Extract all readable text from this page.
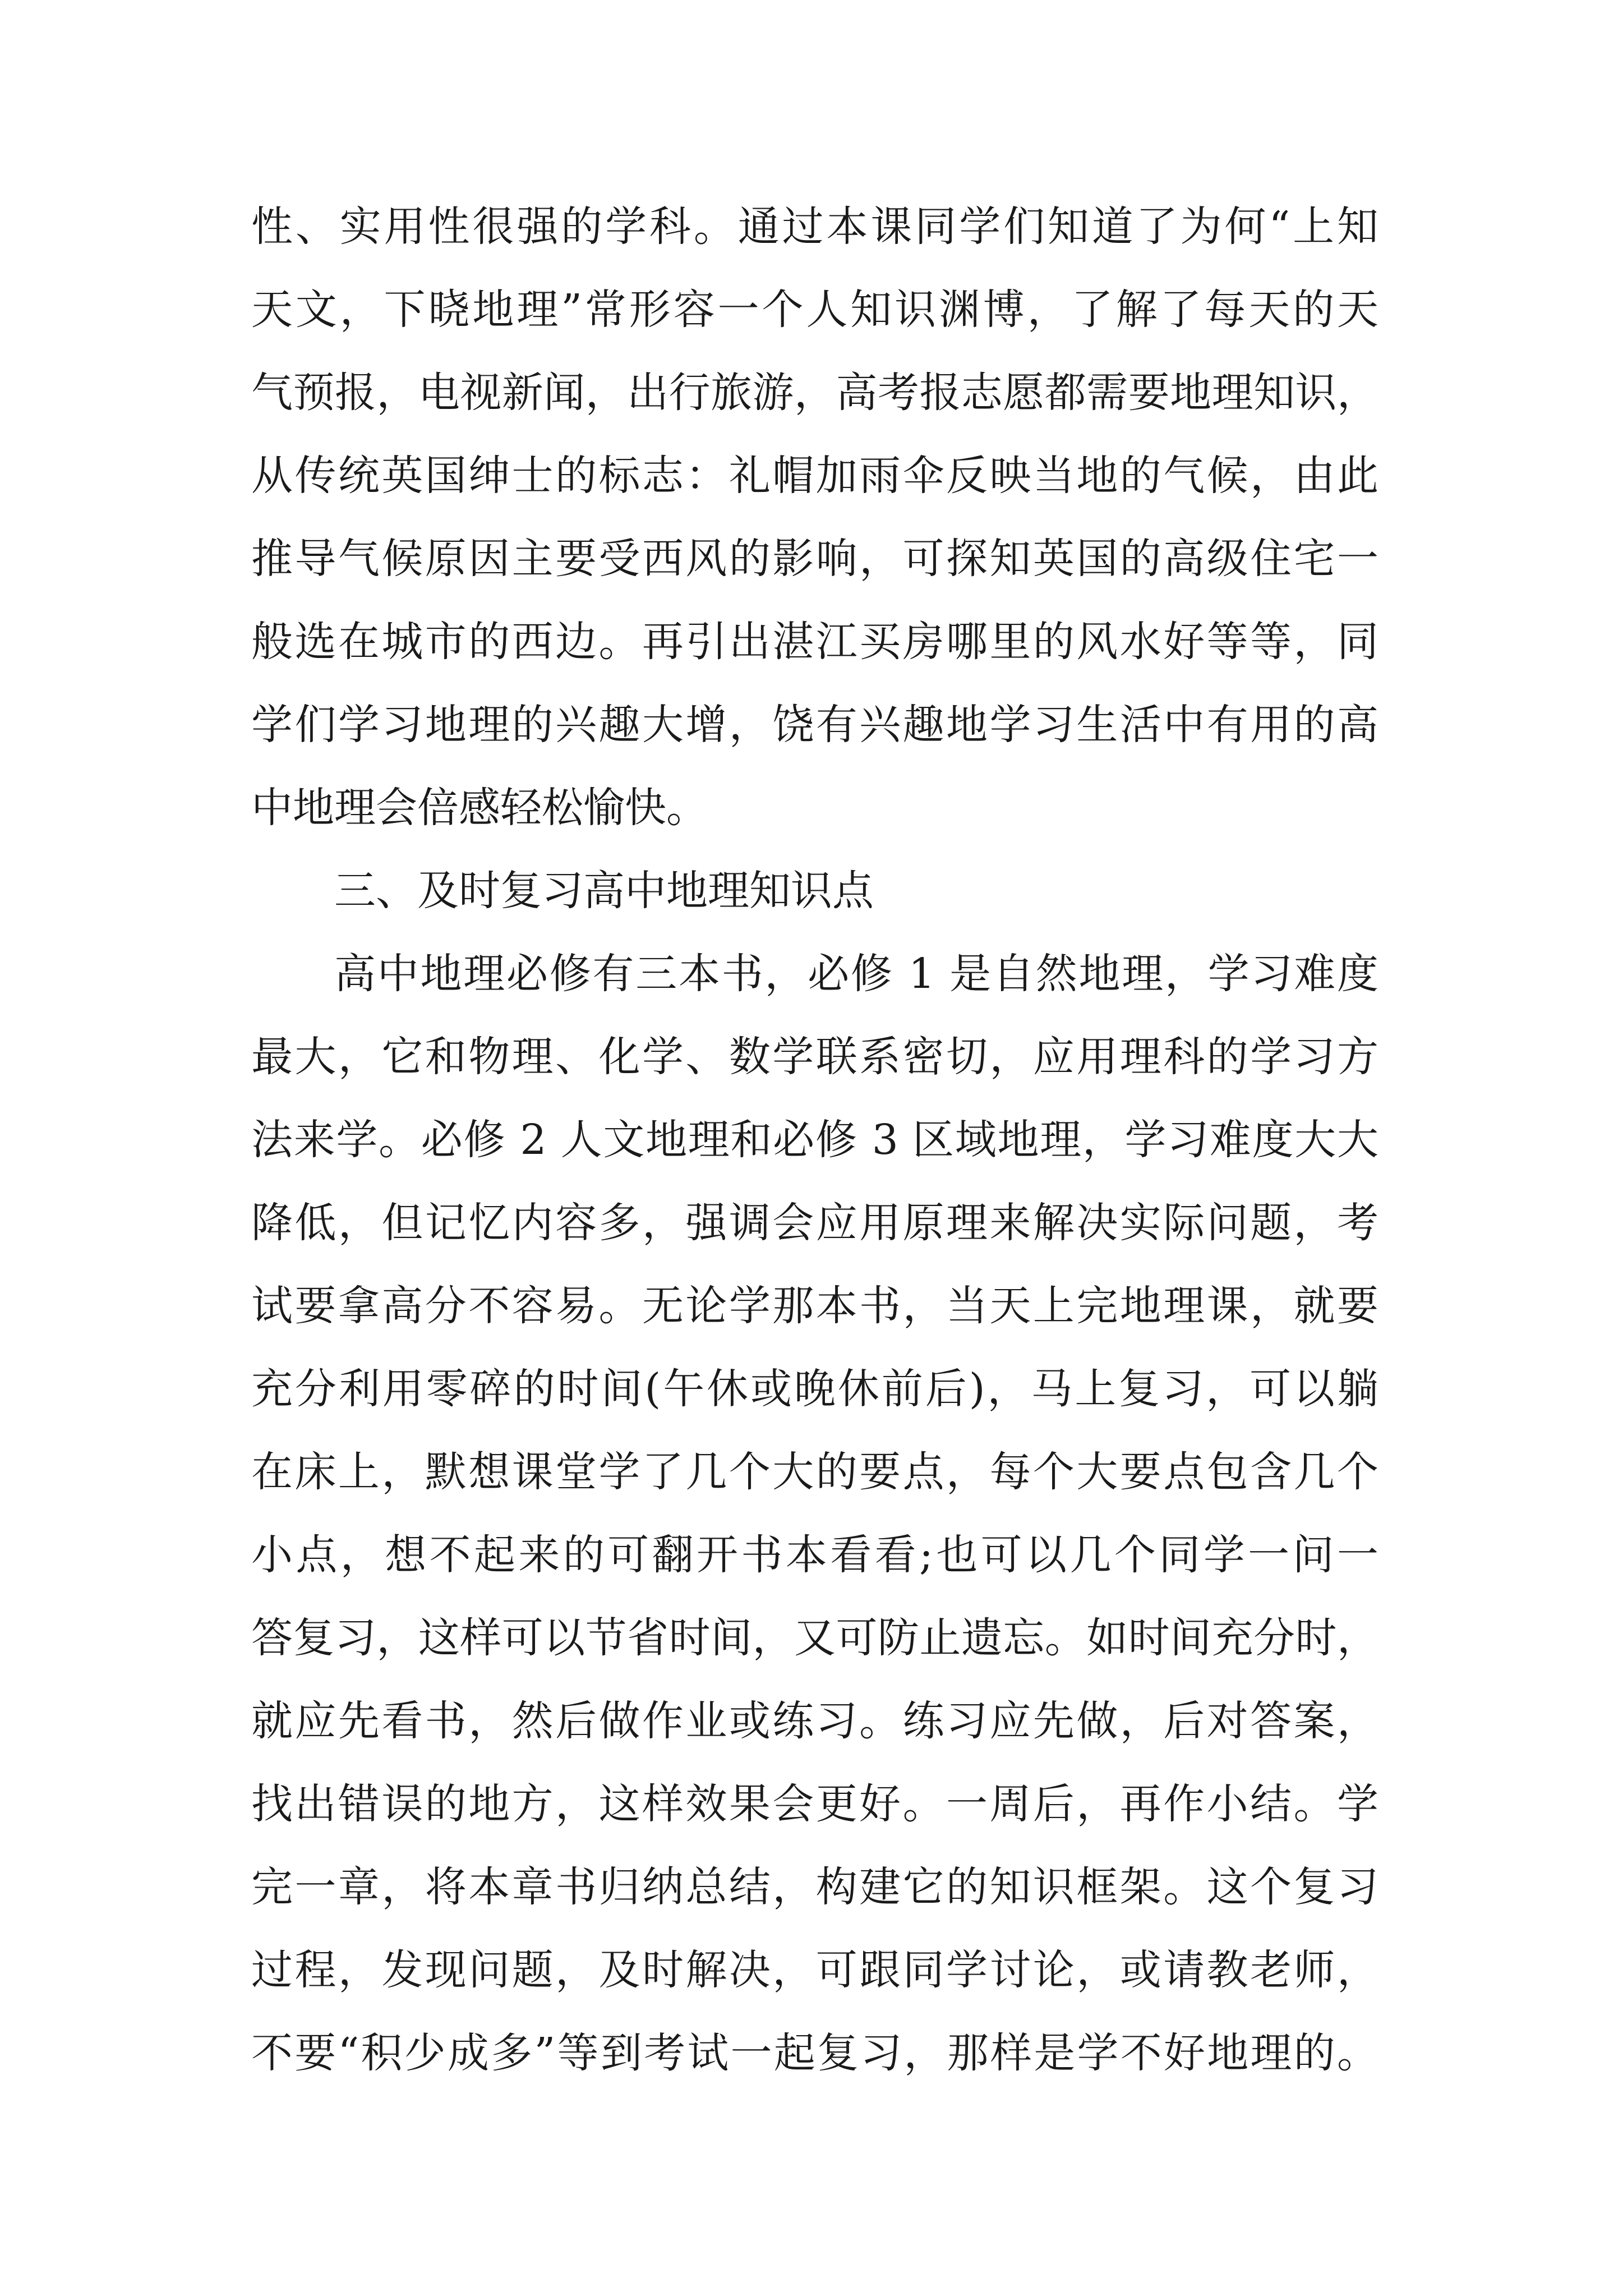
性、实用性很强的学科。通过本课同学们知道了为何“上知
天文，下晓地理”常形容一个人知识渊博，了解了每天的天
气预报，电视新闻，出行旅游，高考报志愿都需要地理知识，
从传统英国绅士的标志：礼帽加雨伞反映当地的气候，由此
推导气候原因主要受西风的影响，可探知英国的高级住宅一
般选在城市的西边。再引出湛江买房哪里的风水好等等，同
学们学习地理的兴趣大增，饶有兴趣地学习生活中有用的高
中地理会倍感轻松愉快。
三、及时复习高中地理知识点
高中地理必修有三本书，必修 1 是自然地理，学习难度
最大，它和物理、化学、数学联系密切，应用理科的学习方
法来学。必修 2 人文地理和必修 3 区域地理，学习难度大大
降低，但记忆内容多，强调会应用原理来解决实际问题，考
试要拿高分不容易。无论学那本书，当天上完地理课，就要
充分利用零碎的时间(午休或晚休前后)，马上复习，可以躺
在床上，默想课堂学了几个大的要点，每个大要点包含几个
小点，想不起来的可翻开书本看看;也可以几个同学一问一
答复习，这样可以节省时间，又可防止遗忘。如时间充分时，
就应先看书，然后做作业或练习。练习应先做，后对答案，
找出错误的地方，这样效果会更好。一周后，再作小结。学
完一章，将本章书归纳总结，构建它的知识框架。这个复习
过程，发现问题，及时解决，可跟同学讨论，或请教老师，
不要“积少成多”等到考试一起复习，那样是学不好地理的。
